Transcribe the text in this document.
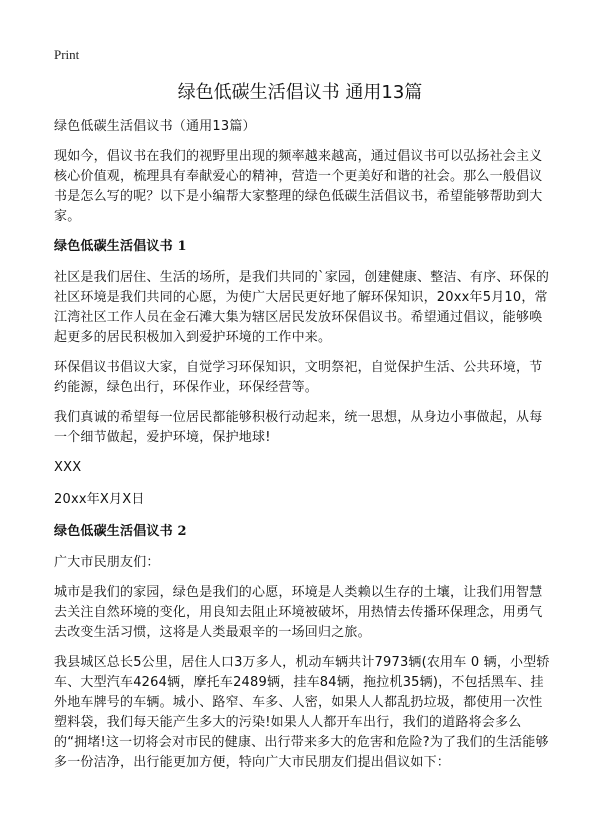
Print
绿色低碳生活倡议书 通用13篇

绿色低碳生活倡议书（通用13篇）

现如今，倡议书在我们的视野里出现的频率越来越高，通过倡议书可以弘扬社会主义核心价值观，梳理具有奉献爱心的精神，营造一个更美好和谐的社会。那么一般倡议书是怎么写的呢？以下是小编帮大家整理的绿色低碳生活倡议书，希望能够帮助到大家。

绿色低碳生活倡议书 1

社区是我们居住、生活的场所，是我们共同的`家园，创建健康、整洁、有序、环保的社区环境是我们共同的心愿，为使广大居民更好地了解环保知识，20xx年5月10，常江湾社区工作人员在金石滩大集为辖区居民发放环保倡议书。希望通过倡议，能够唤起更多的居民积极加入到爱护环境的工作中来。

环保倡议书倡议大家，自觉学习环保知识，文明祭祀，自觉保护生活、公共环境，节约能源，绿色出行，环保作业，环保经营等。

我们真诚的希望每一位居民都能够积极行动起来，统一思想，从身边小事做起，从每一个细节做起，爱护环境，保护地球!

XXX

20xx年X月X日

绿色低碳生活倡议书 2

广大市民朋友们：

城市是我们的家园，绿色是我们的心愿，环境是人类赖以生存的土壤，让我们用智慧去关注自然环境的变化，用良知去阻止环境被破坏，用热情去传播环保理念，用勇气去改变生活习惯，这将是人类最艰辛的一场回归之旅。

我县城区总长5公里，居住人口3万多人，机动车辆共计7973辆(农用车 0 辆，小型轿车、大型汽车4264辆，摩托车2489辆，挂车84辆，拖拉机35辆)，不包括黑车、挂外地车牌号的车辆。城小、路窄、车多、人密，如果人人都乱扔垃圾，都使用一次性塑料袋，我们每天能产生多大的污染!如果人人都开车出行，我们的道路将会多么的“拥堵!这一切将会对市民的健康、出行带来多大的危害和危险?为了我们的生活能够多一份洁净，出行能更加方便，特向广大市民朋友们提出倡议如下：
